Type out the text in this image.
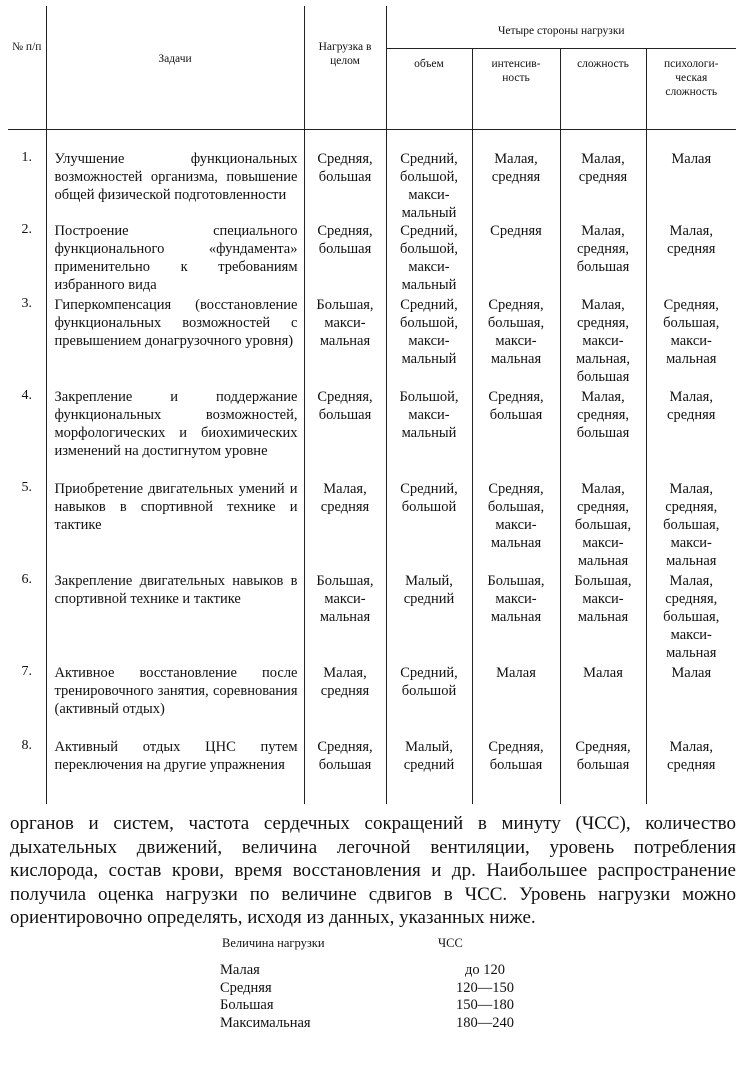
№ п/п	Задачи	Нагрузка в целом	Четыре стороны нагрузки			
			объем	интенсив-ность	сложность	психологи-ческая сложность

1.	Улучшение функциональных возможностей организма, повышение общей физической подготовленности	Средняя, большая	Средний, большой, макси-мальный	Малая, средняя	Малая, средняя	Малая
2.	Построение специального функционального «фундамента» применительно к требованиям избранного вида	Средняя, большая	Средний, большой, макси-мальный	Средняя	Малая, средняя, большая	Малая, средняя
3.	Гиперкомпенсация (восстановление функциональных возможностей с превышением донагрузочного уровня)	Большая, макси-мальная	Средний, большой, макси-мальный	Средняя, большая, макси-мальная	Малая, средняя, макси-мальная, большая	Средняя, большая, макси-мальная
4.	Закрепление и поддержание функциональных возможностей, морфологических и биохимических изменений на достигнутом уровне	Средняя, большая	Большой, макси-мальный	Средняя, большая	Малая, средняя, большая	Малая, средняя
5.	Приобретение двигательных умений и навыков в спортивной технике и тактике	Малая, средняя	Средний, большой	Средняя, большая, макси-мальная	Малая, средняя, большая, макси-мальная	Малая, средняя, большая, макси-мальная
6.	Закрепление двигательных навыков в спортивной технике и тактике	Большая, макси-мальная	Малый, средний	Большая, макси-мальная	Большая, макси-мальная	Малая, средняя, большая, макси-мальная
7.	Активное восстановление после тренировочного занятия, соревнования (активный отдых)	Малая, средняя	Средний, большой	Малая	Малая	Малая
8.	Активный отдых ЦНС путем переключения на другие упражнения	Средняя, большая	Малый, средний	Средняя, большая	Средняя, большая	Малая, средняя

органов и систем, частота сердечных сокращений в минуту (ЧСС), количество дыхательных движений, величина легочной вентиляции, уровень потребления кислорода, состав крови, время восстановления и др. Наибольшее распространение получила оценка нагрузки по величине сдвигов в ЧСС. Уровень нагрузки можно ориентировочно определять, исходя из данных, указанных ниже.

Величина нагрузки	ЧСС
Малая	до 120
Средняя	120—150
Большая	150—180
Максимальная	180—240
